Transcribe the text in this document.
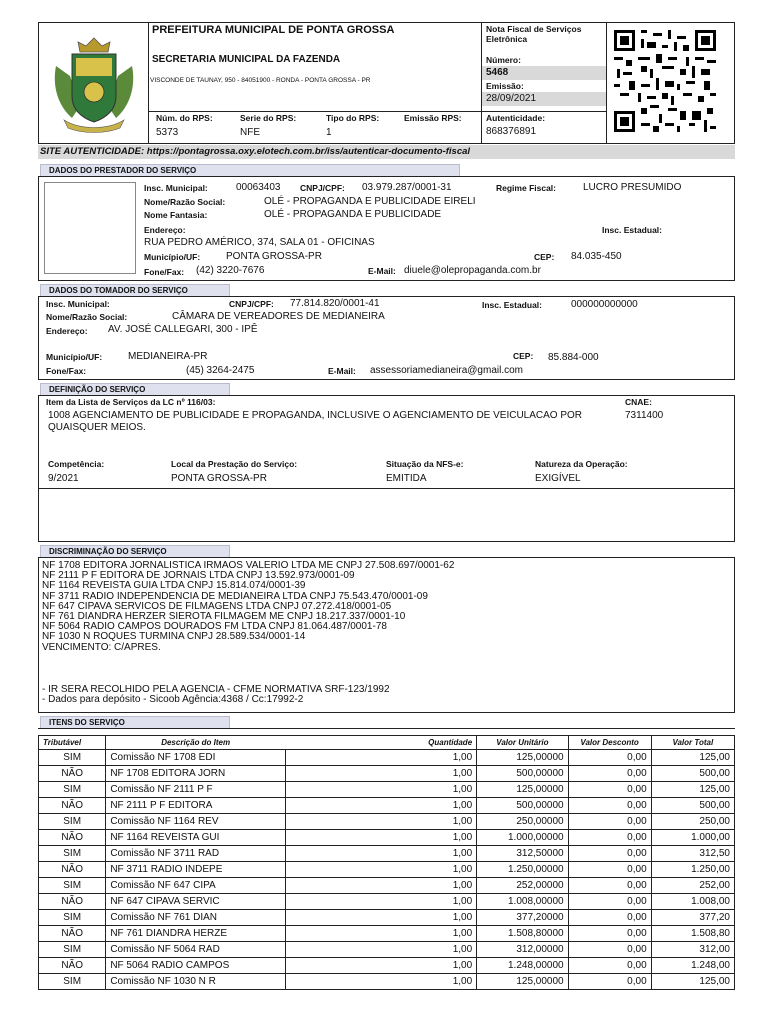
PREFEITURA MUNICIPAL DE PONTA GROSSA
SECRETARIA MUNICIPAL DA FAZENDA
VISCONDE DE TAUNAY, 950 - 84051900 - RONDA - PONTA GROSSA - PR
Núm. do RPS:	Serie do RPS:	Tipo do RPS:	Emissão RPS:
5373	NFE	1
Nota Fiscal de Serviços Eletrônica
Número:
5468
Emissão:
28/09/2021
Autenticidade:
868376891
SITE AUTENTICIDADE: https://pontagrossa.oxy.elotech.com.br/iss/autenticar-documento-fiscal
DADOS DO PRESTADOR DO SERVIÇO
Insc. Municipal:	00063403 CNPJ/CPF: 03.979.287/0001-31	Regime Fiscal:	LUCRO PRESUMIDO
Nome/Razão Social:	OLÉ - PROPAGANDA E PUBLICIDADE EIRELI
Nome Fantasia:	OLÉ - PROPAGANDA E PUBLICIDADE
Endereço:	Insc. Estadual:
RUA PEDRO AMÉRICO, 374, SALA 01 - OFICINAS
Município/UF:	PONTA GROSSA-PR	CEP: 84.035-450
Fone/Fax: (42) 3220-7676	E-Mail: diuele@olepropaganda.com.br
DADOS DO TOMADOR DO SERVIÇO
Insc. Municipal:	CNPJ/CPF: 77.814.820/0001-41	Insc. Estadual:	000000000000
Nome/Razão Social:	CÂMARA DE VEREADORES DE MEDIANEIRA
Endereço: AV. JOSÉ CALLEGARI, 300 - IPÊ
Município/UF:	MEDIANEIRA-PR	CEP: 85.884-000
Fone/Fax:	(45) 3264-2475	E-Mail: assessoriamedianeira@gmail.com
DEFINIÇÃO DO SERVIÇO
Item da Lista de Serviços da LC nº 116/03:
1008 AGENCIAMENTO DE PUBLICIDADE E PROPAGANDA, INCLUSIVE O AGENCIAMENTO DE VEICULACAO POR
QUAISQUER MEIOS.
CNAE:
7311400
Competência:
9/2021
Local da Prestação do Serviço:
PONTA GROSSA-PR
Situação da NFS-e:
EMITIDA
Natureza da Operação:
EXIGÍVEL
DISCRIMINAÇÃO DO SERVIÇO
NF 1708 EDITORA JORNALISTICA IRMAOS VALERIO LTDA ME CNPJ 27.508.697/0001-62
NF 2111 P F EDITORA DE JORNAIS LTDA CNPJ 13.592.973/0001-09
NF 1164 REVEISTA GUIA LTDA CNPJ 15.814.074/0001-39
NF 3711 RADIO INDEPENDENCIA DE MEDIANEIRA LTDA CNPJ 75.543.470/0001-09
NF 647 CIPAVA SERVICOS DE FILMAGENS LTDA CNPJ 07.272.418/0001-05
NF 761 DIANDRA HERZER SIEROTA FILMAGEM ME CNPJ 18.217.337/0001-10
NF 5064 RADIO CAMPOS DOURADOS FM LTDA CNPJ 81.064.487/0001-78
NF 1030 N ROQUES TURMINA CNPJ 28.589.534/0001-14
VENCIMENTO: C/APRES.
- IR SERA RECOLHIDO PELA AGENCIA - CFME NORMATIVA SRF-123/1992
- Dados para depósito - Sicoob Agência:4368 / Cc:17992-2
ITENS DO SERVIÇO
Tributável	Descrição do Item	Quantidade	Valor Unitário	Valor Desconto	Valor Total
SIM	Comissão NF 1708 EDI	1,00	125,00000	0,00	125,00
NÃO	NF 1708 EDITORA JORN	1,00	500,00000	0,00	500,00
SIM	Comissão NF 2111 P F	1,00	125,00000	0,00	125,00
NÃO	NF 2111 P F EDITORA	1,00	500,00000	0,00	500,00
SIM	Comissão NF 1164 REV	1,00	250,00000	0,00	250,00
NÃO	NF 1164 REVEISTA GUI	1,00	1.000,00000	0,00	1.000,00
SIM	Comissão NF 3711 RAD	1,00	312,50000	0,00	312,50
NÃO	NF 3711 RADIO INDEPE	1,00	1.250,00000	0,00	1.250,00
SIM	Comissão NF 647 CIPA	1,00	252,00000	0,00	252,00
NÃO	NF 647 CIPAVA SERVIC	1,00	1.008,00000	0,00	1.008,00
SIM	Comissão NF 761 DIAN	1,00	377,20000	0,00	377,20
NÃO	NF 761 DIANDRA HERZE	1,00	1.508,80000	0,00	1.508,80
SIM	Comissão NF 5064 RAD	1,00	312,00000	0,00	312,00
NÃO	NF 5064 RADIO CAMPOS	1,00	1.248,00000	0,00	1.248,00
SIM	Comissão NF 1030 N R	1,00	125,00000	0,00	125,00
